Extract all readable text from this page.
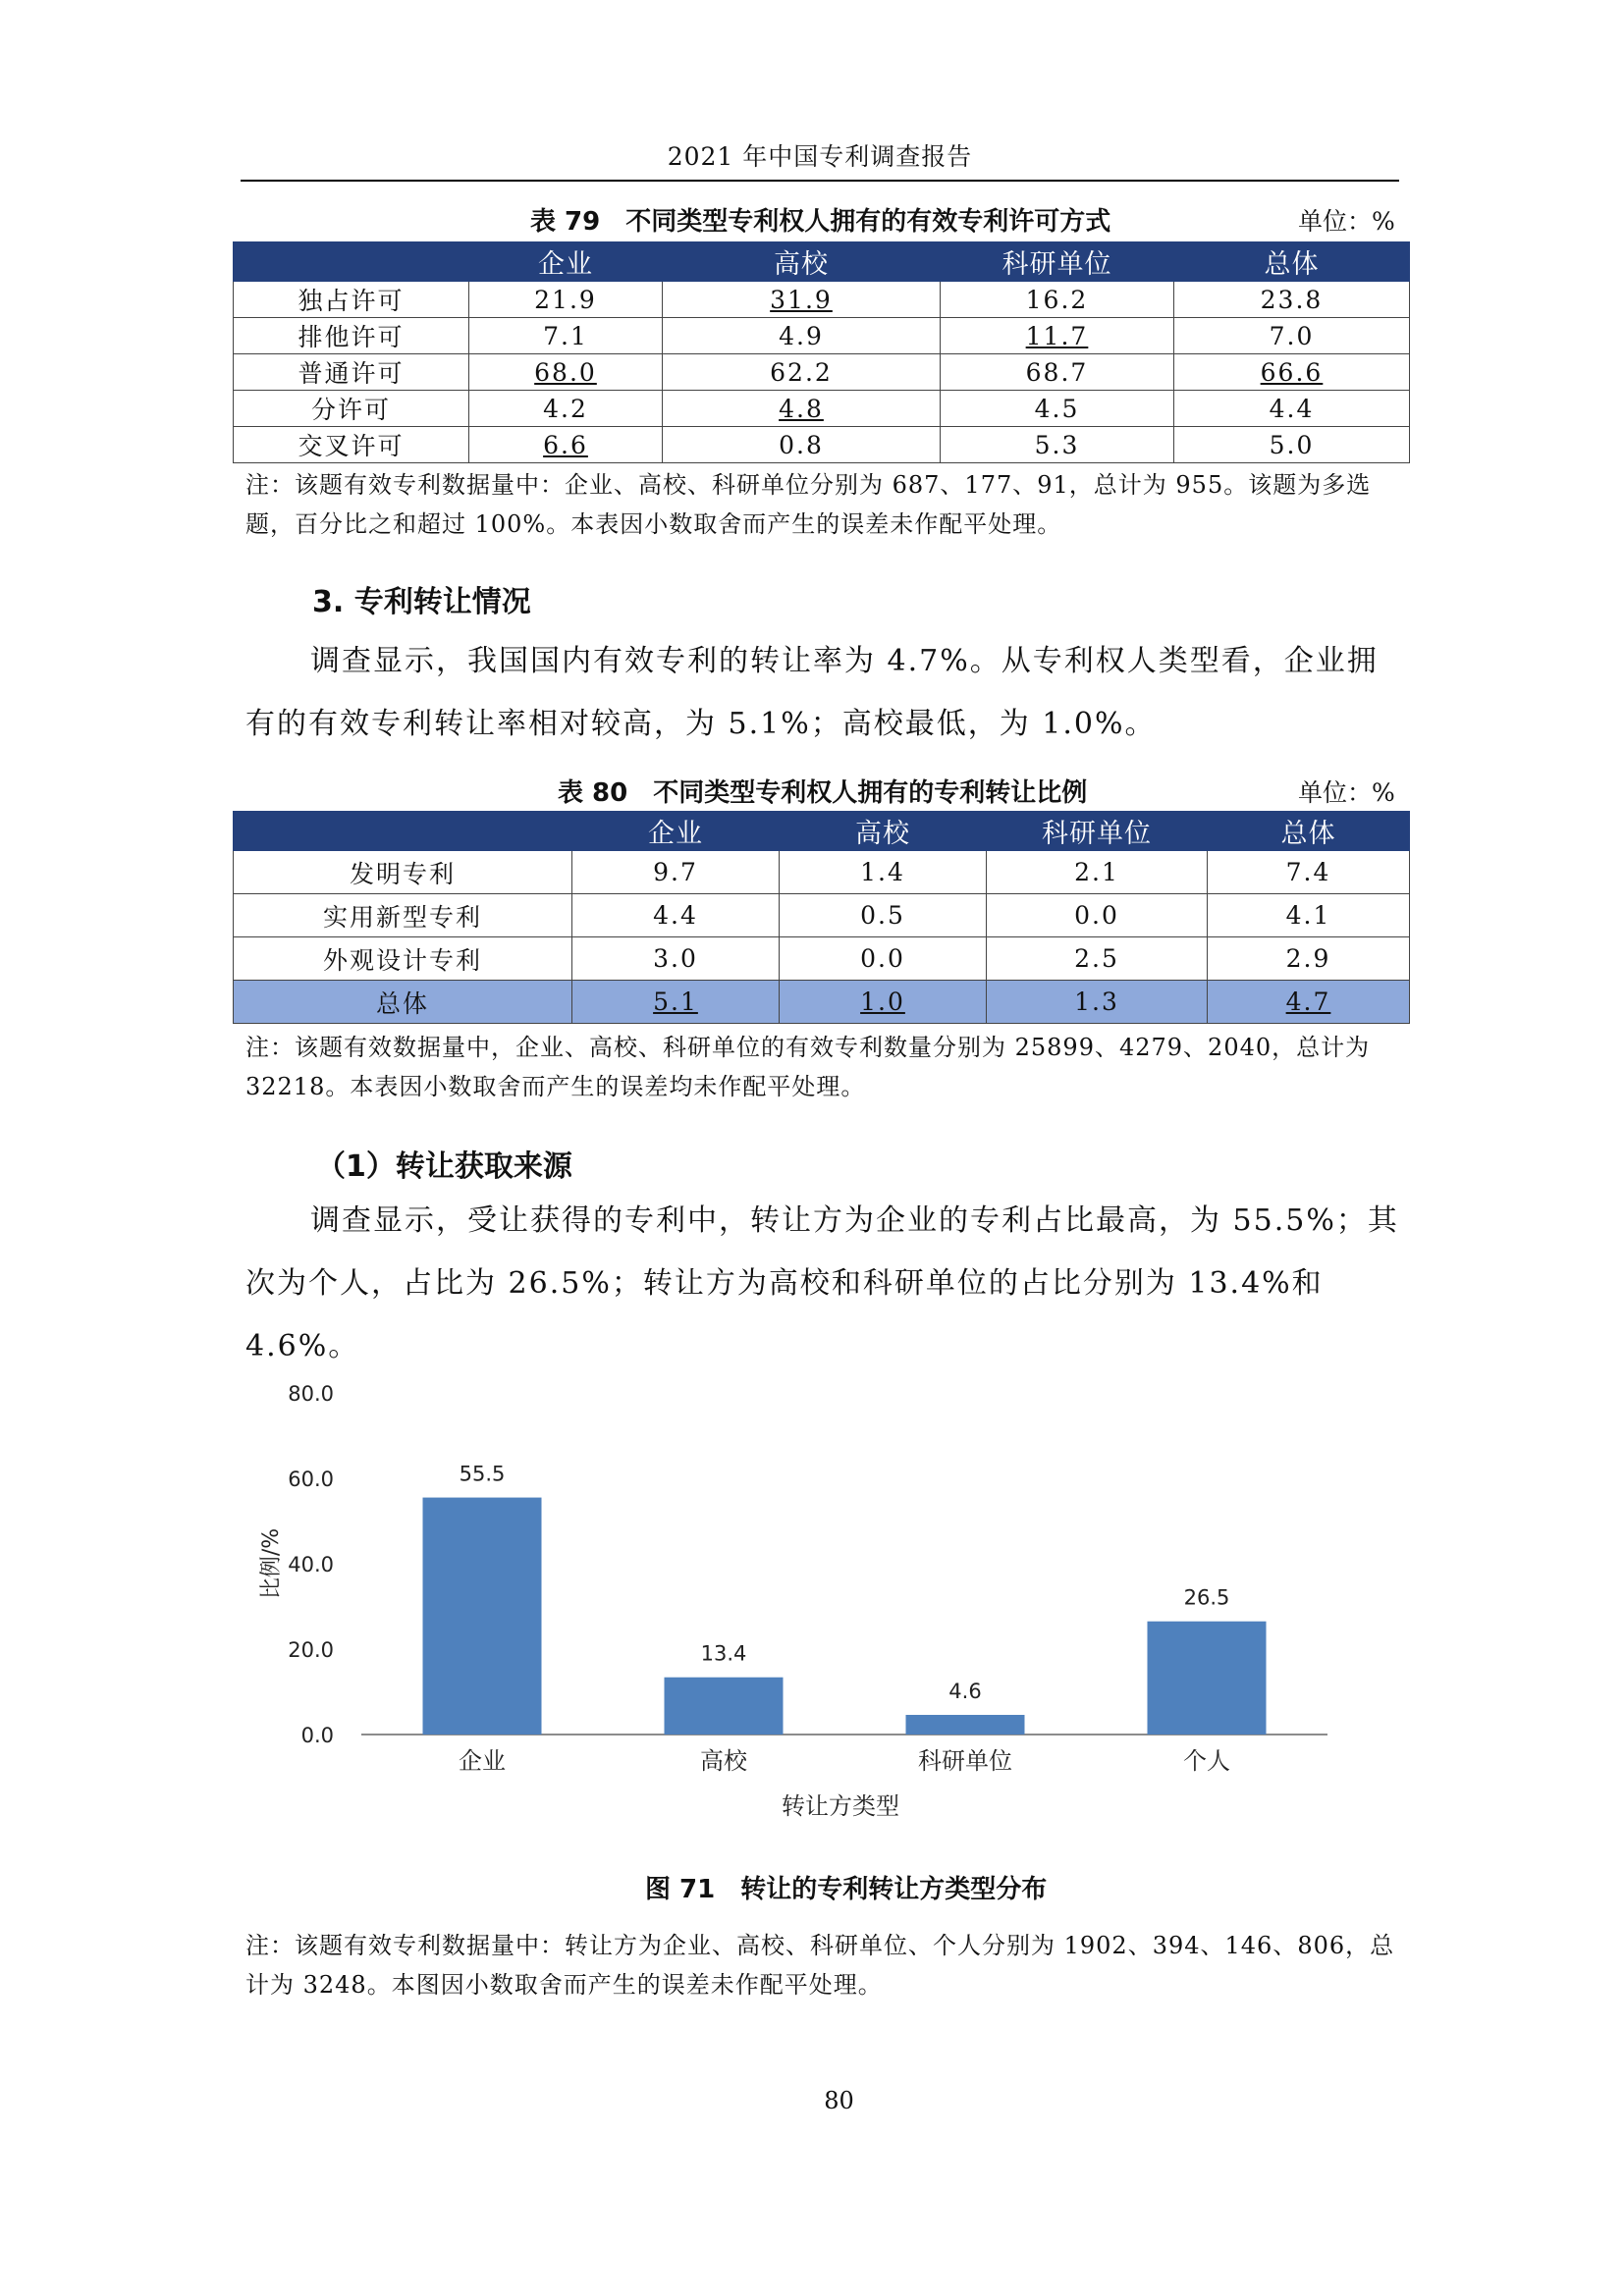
2021 年中国专利调查报告
表 79　不同类型专利权人拥有的有效专利许可方式	单位：%
	企业	高校	科研单位	总体
独占许可	21.9	31.9	16.2	23.8
排他许可	7.1	4.9	11.7	7.0
普通许可	68.0	62.2	68.7	66.6
分许可	4.2	4.8	4.5	4.4
交叉许可	6.6	0.8	5.3	5.0
注：该题有效专利数据量中：企业、高校、科研单位分别为 687、177、91，总计为 955。该题为多选题，百分比之和超过 100%。本表因小数取舍而产生的误差未作配平处理。
3. 专利转让情况
调查显示，我国国内有效专利的转让率为 4.7%。从专利权人类型看，企业拥有的有效专利转让率相对较高，为 5.1%；高校最低，为 1.0%。
表 80　不同类型专利权人拥有的专利转让比例	单位：%
	企业	高校	科研单位	总体
发明专利	9.7	1.4	2.1	7.4
实用新型专利	4.4	0.5	0.0	4.1
外观设计专利	3.0	0.0	2.5	2.9
总体	5.1	1.0	1.3	4.7
注：该题有效数据量中，企业、高校、科研单位的有效专利数量分别为 25899、4279、2040，总计为 32218。本表因小数取舍而产生的误差均未作配平处理。
（1）转让获取来源
调查显示，受让获得的专利中，转让方为企业的专利占比最高，为 55.5%；其次为个人，占比为 26.5%；转让方为高校和科研单位的占比分别为 13.4%和 4.6%。
0.0
20.0
40.0
60.0
80.0
55.5
企业
13.4
高校
4.6
科研单位
26.5
个人
比例/%
转让方类型
图 71　转让的专利转让方类型分布
注：该题有效专利数据量中：转让方为企业、高校、科研单位、个人分别为 1902、394、146、806，总计为 3248。本图因小数取舍而产生的误差未作配平处理。
80
